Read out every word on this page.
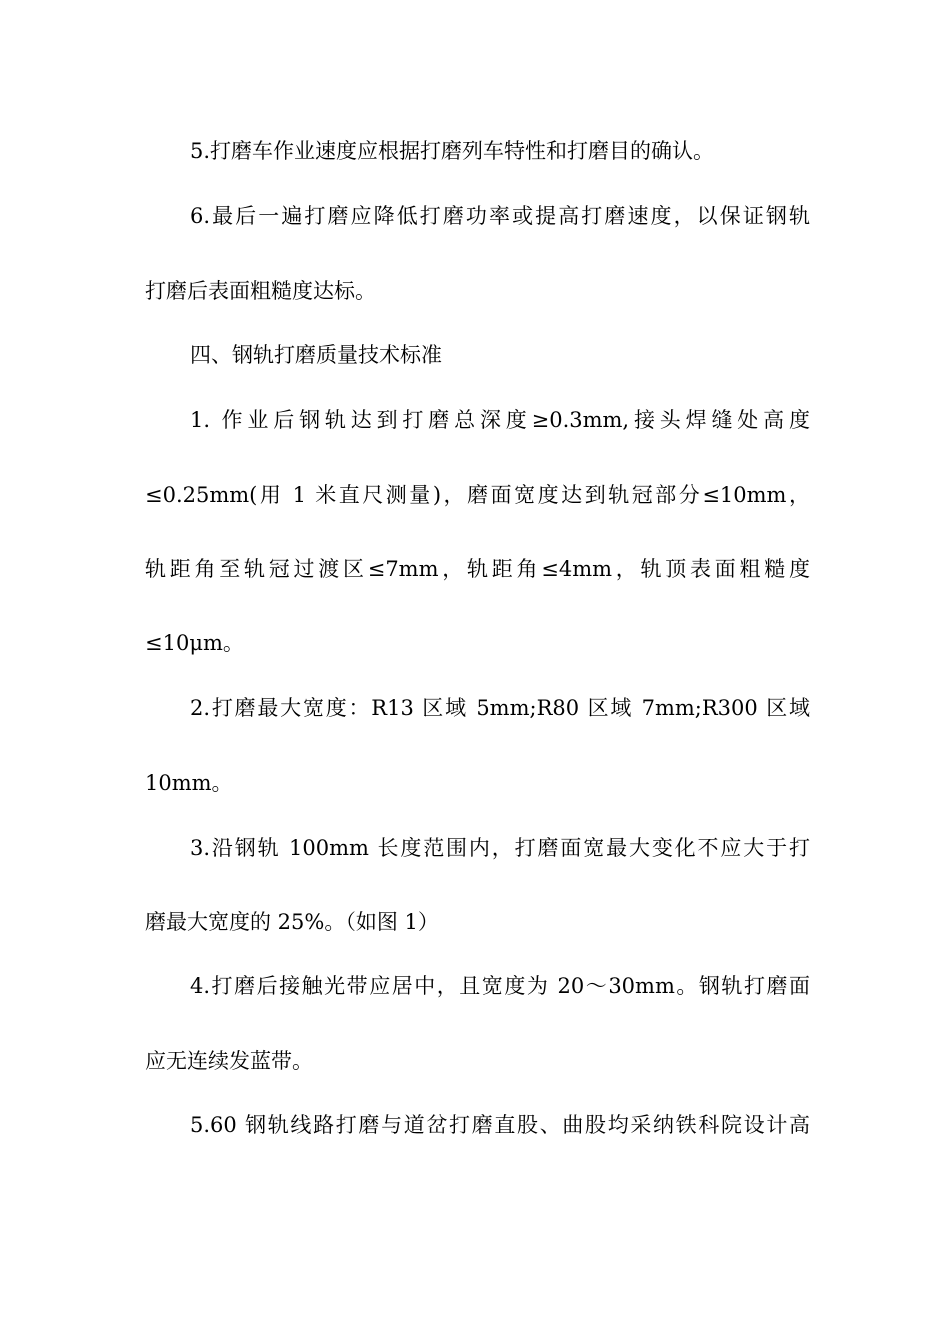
5.打磨车作业速度应根据打磨列车特性和打磨目的确认。
6.最后一遍打磨应降低打磨功率或提高打磨速度，以保证钢轨
打磨后表面粗糙度达标。
四、钢轨打磨质量技术标准
1. 作业后钢轨达到打磨总深度≥0.3mm,接头焊缝处高度
≤0.25mm(用 1 米直尺测量)，磨面宽度达到轨冠部分≤10mm，
轨距角至轨冠过渡区≤7mm，轨距角≤4mm，轨顶表面粗糙度
≤10μm。
2.打磨最大宽度：R13 区域 5mm;R80 区域 7mm;R300 区域
10mm。
3.沿钢轨 100mm 长度范围内，打磨面宽最大变化不应大于打
磨最大宽度的 25%。（如图 1）
4.打磨后接触光带应居中，且宽度为 20～30mm。钢轨打磨面
应无连续发蓝带。
5.60 钢轨线路打磨与道岔打磨直股、曲股均采纳铁科院设计高
